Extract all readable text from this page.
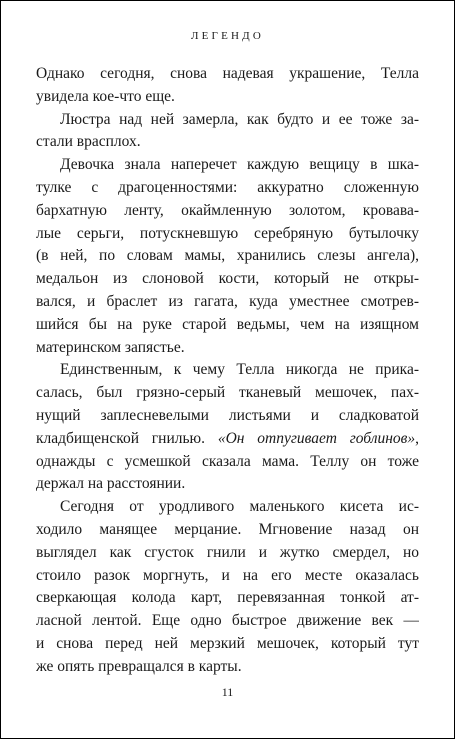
ЛЕГЕНДО
Однако сегодня, снова надевая украшение, Телла
увидела кое-что еще.
Люстра над ней замерла, как будто и ее тоже за-
стали врасплох.
Девочка знала наперечет каждую вещицу в шка-
тулке с драгоценностями: аккуратно сложенную
бархатную ленту, окаймленную золотом, кровава-
лые серьги, потускневшую серебряную бутылочку
(в ней, по словам мамы, хранились слезы ангела),
медальон из слоновой кости, который не откры-
вался, и браслет из гагата, куда уместнее смотрев-
шийся бы на руке старой ведьмы, чем на изящном
материнском запястье.
Единственным, к чему Телла никогда не прика-
салась, был грязно-серый тканевый мешочек, пах-
нущий заплесневелыми листьями и сладковатой
кладбищенской гнилью. «Он отпугивает гоблинов»,
однажды с усмешкой сказала мама. Теллу он тоже
держал на расстоянии.
Сегодня от уродливого маленького кисета ис-
ходило манящее мерцание. Мгновение назад он
выглядел как сгусток гнили и жутко смердел, но
стоило разок моргнуть, и на его месте оказалась
сверкающая колода карт, перевязанная тонкой ат-
ласной лентой. Еще одно быстрое движение век —
и снова перед ней мерзкий мешочек, который тут
же опять превращался в карты.
11
